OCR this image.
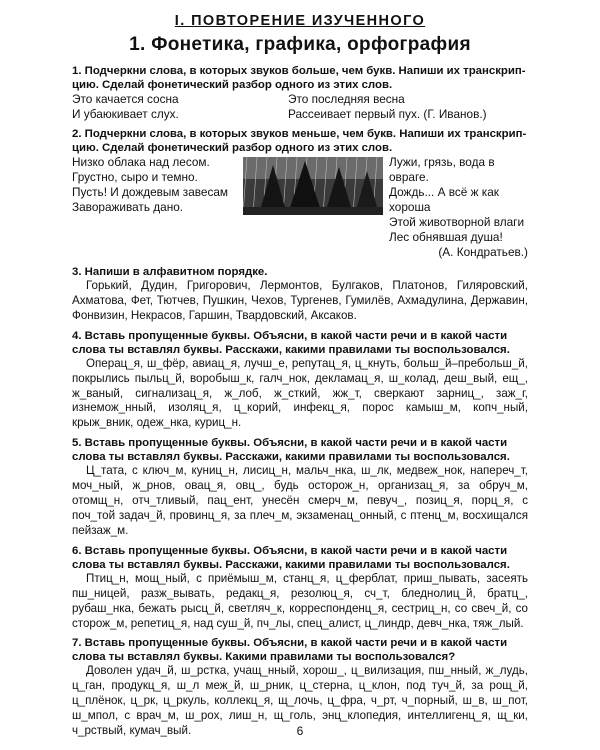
I. ПОВТОРЕНИЕ ИЗУЧЕННОГО
1. Фонетика, графика, орфография

1. Подчеркни слова, в которых звуков больше, чем букв. Напиши их транскрип-цию. Сделай фонетический разбор одного из этих слов.

Это качается сосна
И убаюкивает слух.
Это последняя весна
Рассеивает первый пух. (Г. Иванов.)

2. Подчеркни слова, в которых звуков меньше, чем букв. Напиши их транскрип-цию. Сделай фонетический разбор одного из этих слов.

Низко облака над лесом.
Грустно, сыро и темно.
Пусть! И дождевым завесам
Завораживать дано.
Лужи, грязь, вода в овраге.
Дождь... А всё ж как хороша
Этой животворной влаги
Лес обнявшая душа!
(А. Кондратьев.)

3. Напиши в алфавитном порядке.

Горький, Дудин, Григорович, Лермонтов, Булгаков, Платонов, Гиляровский, Ахматова, Фет, Тютчев, Пушкин, Чехов, Тургенев, Гумилёв, Ахмадулина, Державин, Фонвизин, Некрасов, Гаршин, Твардовский, Аксаков.

4. Вставь пропущенные буквы. Объясни, в какой части речи и в какой части слова ты вставлял буквы. Расскажи, какими правилами ты воспользовался.

Операц_я, ш_фёр, авиац_я, лучш_е, репутац_я, ц_кнуть, больш_й–пребольш_й, покрылись пыльц_й, воробыш_к, галч_нок, декламац_я, ш_колад, деш_вый, ещ_, ж_ваный, сигнализац_я, ж_лоб, ж_сткий, жж_т, сверкают зарниц_, заж_г, изнемож_нный, изоляц_я, ц_корий, инфекц_я, порос камыш_м, копч_ный, крыж_вник, одеж_нка, куриц_н.

5. Вставь пропущенные буквы. Объясни, в какой части речи и в какой части слова ты вставлял буквы. Расскажи, какими правилами ты воспользовался.

Ц_тата, с ключ_м, куниц_н, лисиц_н, мальч_нка, ш_лк, медвеж_нок, напереч_т, моч_ный, ж_рнов, овац_я, овц_, будь осторож_н, организац_я, за обруч_м, отомщ_н, отч_тливый, пац_ент, унесён смерч_м, певуч_, позиц_я, порц_я, с поч_той задач_й, провинц_я, за плеч_м, экзаменац_онный, с птенц_м, восхищался пейзаж_м.

6. Вставь пропущенные буквы. Объясни, в какой части речи и в какой части слова ты вставлял буквы. Расскажи, какими правилами ты воспользовался.

Птиц_н, мощ_ный, с приёмыш_м, станц_я, ц_ферблат, приш_пывать, засеять пш_ницей, разж_вывать, редакц_я, резолюц_я, сч_т, бледнолиц_й, братц_, рубаш_нка, бежать рысц_й, светляч_к, корреспонденц_я, сестриц_н, со свеч_й, со сторож_м, репетиц_я, над суш_й, пч_лы, спец_алист, ц_линдр, девч_нка, тяж_лый.

7. Вставь пропущенные буквы. Объясни, в какой части речи и в какой части слова ты вставлял буквы. Какими правилами ты воспользовался?

Доволен удач_й, ш_рстка, учащ_нный, хорош_, ц_вилизация, пш_нный, ж_лудь, ц_ган, продукц_я, ш_л меж_й, ш_рник, ц_стерна, ц_клон, под туч_й, за рощ_й, ц_плёнок, ц_рк, ц_ркуль, коллекц_я, щ_лочь, ц_фра, ч_рт, ч_порный, ш_в, ш_пот, ш_мпол, с врач_м, ш_рох, лиш_н, щ_голь, энц_клопедия, интеллигенц_я, щ_ки, ч_рствый, кумач_вый.	6
